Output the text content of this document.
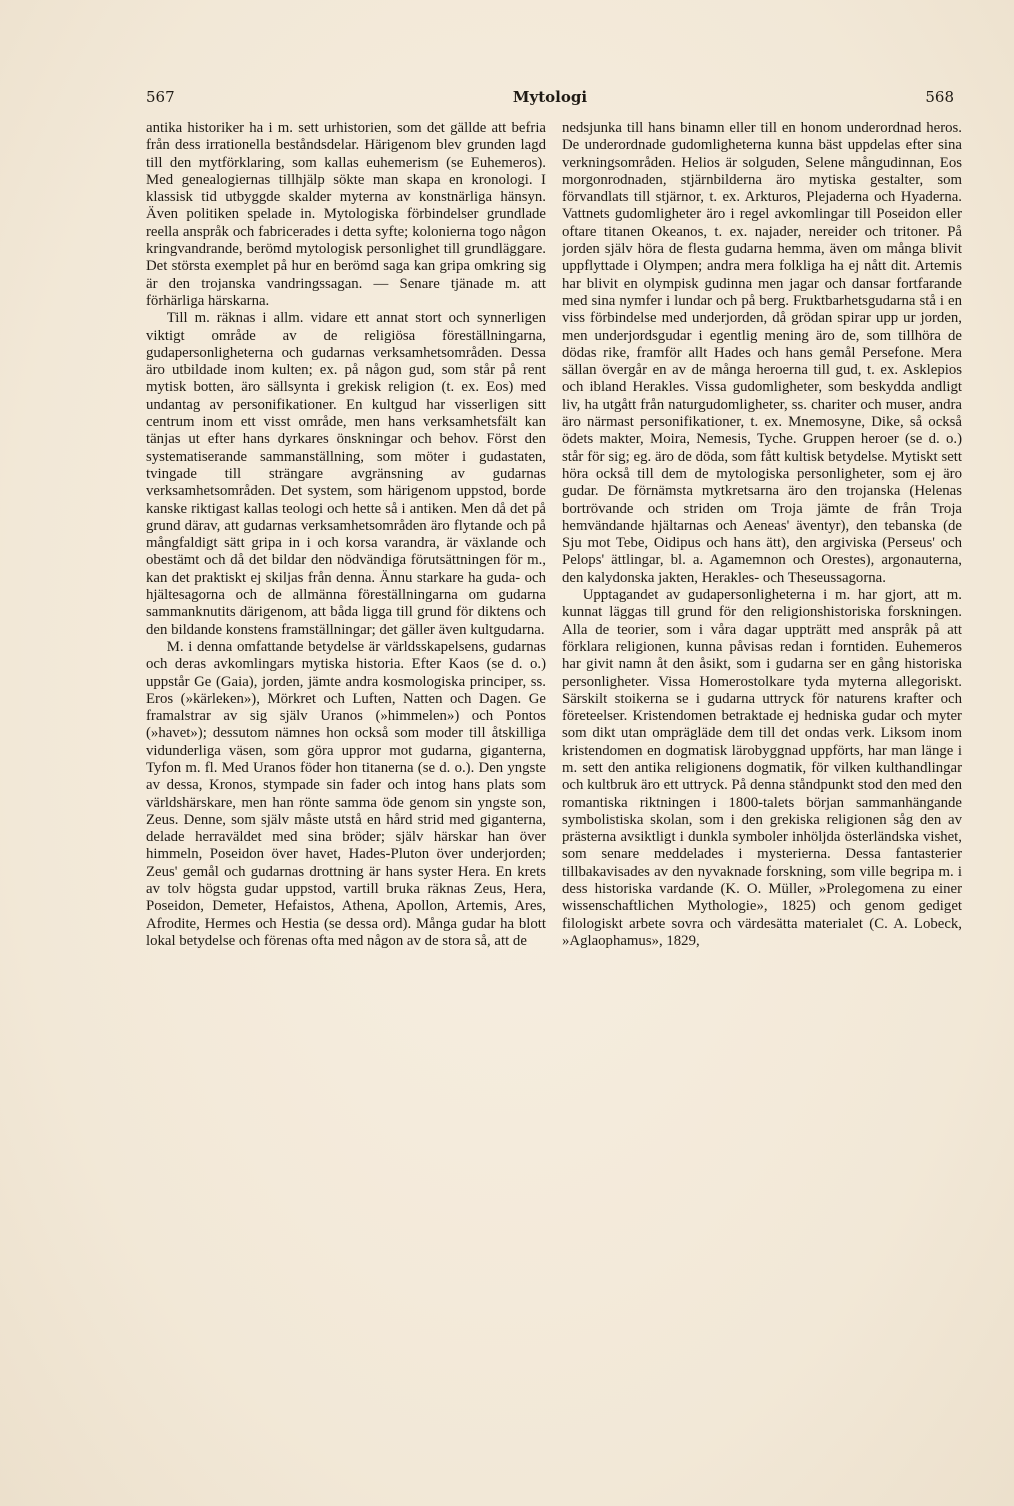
567	Mytologi	568

antika historiker ha i m. sett urhistorien, som det gällde att befria från dess irrationella beståndsdelar. Härigenom blev grunden lagd till den mytförklaring, som kallas euhemerism (se Euhemeros). Med genealogiernas tillhjälp sökte man skapa en kronologi. I klassisk tid utbyggde skalder myterna av konstnärliga hänsyn. Även politiken spelade in. Mytologiska förbindelser grundlade reella anspråk och fabricerades i detta syfte; kolonierna togo någon kringvandrande, berömd mytologisk personlighet till grundläggare. Det största exemplet på hur en berömd saga kan gripa omkring sig är den trojanska vandringssagan. — Senare tjänade m. att förhärliga härskarna.

Till m. räknas i allm. vidare ett annat stort och synnerligen viktigt område av de religiösa föreställningarna, gudapersonligheterna och gudarnas verksamhetsområden. Dessa äro utbildade inom kulten; ex. på någon gud, som står på rent mytisk botten, äro sällsynta i grekisk religion (t. ex. Eos) med undantag av personifikationer. En kultgud har visserligen sitt centrum inom ett visst område, men hans verksamhetsfält kan tänjas ut efter hans dyrkares önskningar och behov. Först den systematiserande sammanställning, som möter i gudastaten, tvingade till strängare avgränsning av gudarnas verksamhetsområden. Det system, som härigenom uppstod, borde kanske riktigast kallas teologi och hette så i antiken. Men då det på grund därav, att gudarnas verksamhetsområden äro flytande och på mångfaldigt sätt gripa in i och korsa varandra, är växlande och obestämt och då det bildar den nödvändiga förutsättningen för m., kan det praktiskt ej skiljas från denna. Ännu starkare ha guda- och hjältesagorna och de allmänna föreställningarna om gudarna sammanknutits därigenom, att båda ligga till grund för diktens och den bildande konstens framställningar; det gäller även kultgudarna.

M. i denna omfattande betydelse är världsskapelsens, gudarnas och deras avkomlingars mytiska historia. Efter Kaos (se d. o.) uppstår Ge (Gaia), jorden, jämte andra kosmologiska principer, ss. Eros (»kärleken»), Mörkret och Luften, Natten och Dagen. Ge framalstrar av sig själv Uranos (»himmelen») och Pontos (»havet»); dessutom nämnes hon också som moder till åtskilliga vidunderliga väsen, som göra uppror mot gudarna, giganterna, Tyfon m. fl. Med Uranos föder hon titanerna (se d. o.). Den yngste av dessa, Kronos, stympade sin fader och intog hans plats som världshärskare, men han rönte samma öde genom sin yngste son, Zeus. Denne, som själv måste utstå en hård strid med giganterna, delade herraväldet med sina bröder; själv härskar han över himmeln, Poseidon över havet, Hades-Pluton över underjorden; Zeus' gemål och gudarnas drottning är hans syster Hera. En krets av tolv högsta gudar uppstod, vartill bruka räknas Zeus, Hera, Poseidon, Demeter, Hefaistos, Athena, Apollon, Artemis, Ares, Afrodite, Hermes och Hestia (se dessa ord). Många gudar ha blott lokal betydelse och förenas ofta med någon av de stora så, att de

nedsjunka till hans binamn eller till en honom underordnad heros. De underordnade gudomligheterna kunna bäst uppdelas efter sina verkningsområden. Helios är solguden, Selene mångudinnan, Eos morgonrodnaden, stjärnbilderna äro mytiska gestalter, som förvandlats till stjärnor, t. ex. Arkturos, Plejaderna och Hyaderna. Vattnets gudomligheter äro i regel avkomlingar till Poseidon eller oftare titanen Okeanos, t. ex. najader, nereider och tritoner. På jorden själv höra de flesta gudarna hemma, även om många blivit uppflyttade i Olympen; andra mera folkliga ha ej nått dit. Artemis har blivit en olympisk gudinna men jagar och dansar fortfarande med sina nymfer i lundar och på berg. Fruktbarhetsgudarna stå i en viss förbindelse med underjorden, då grödan spirar upp ur jorden, men underjordsgudar i egentlig mening äro de, som tillhöra de dödas rike, framför allt Hades och hans gemål Persefone. Mera sällan övergår en av de många heroerna till gud, t. ex. Asklepios och ibland Herakles. Vissa gudomligheter, som beskydda andligt liv, ha utgått från naturgudomligheter, ss. chariter och muser, andra äro närmast personifikationer, t. ex. Mnemosyne, Dike, så också ödets makter, Moira, Nemesis, Tyche. Gruppen heroer (se d. o.) står för sig; eg. äro de döda, som fått kultisk betydelse. Mytiskt sett höra också till dem de mytologiska personligheter, som ej äro gudar. De förnämsta mytkretsarna äro den trojanska (Helenas bortrövande och striden om Troja jämte de från Troja hemvändande hjältarnas och Aeneas' äventyr), den tebanska (de Sju mot Tebe, Oidipus och hans ätt), den argiviska (Perseus' och Pelops' ättlingar, bl. a. Agamemnon och Orestes), argonauterna, den kalydonska jakten, Herakles- och Theseussagorna.

Upptagandet av gudapersonligheterna i m. har gjort, att m. kunnat läggas till grund för den religionshistoriska forskningen. Alla de teorier, som i våra dagar uppträtt med anspråk på att förklara religionen, kunna påvisas redan i forntiden. Euhemeros har givit namn åt den åsikt, som i gudarna ser en gång historiska personligheter. Vissa Homerostolkare tyda myterna allegoriskt. Särskilt stoikerna se i gudarna uttryck för naturens krafter och företeelser. Kristendomen betraktade ej hedniska gudar och myter som dikt utan omprägläde dem till det ondas verk. Liksom inom kristendomen en dogmatisk lärobyggnad uppförts, har man länge i m. sett den antika religionens dogmatik, för vilken kulthandlingar och kultbruk äro ett uttryck. På denna ståndpunkt stod den med den romantiska riktningen i 1800-talets början sammanhängande symbolistiska skolan, som i den grekiska religionen såg den av prästerna avsiktligt i dunkla symboler inhöljda österländska vishet, som senare meddelades i mysterierna. Dessa fantasterier tillbakavisades av den nyvaknade forskning, som ville begripa m. i dess historiska vardande (K. O. Müller, »Prolegomena zu einer wissenschaftlichen Mythologie», 1825) och genom gediget filologiskt arbete sovra och värdesätta materialet (C. A. Lobeck, »Aglaophamus», 1829,
